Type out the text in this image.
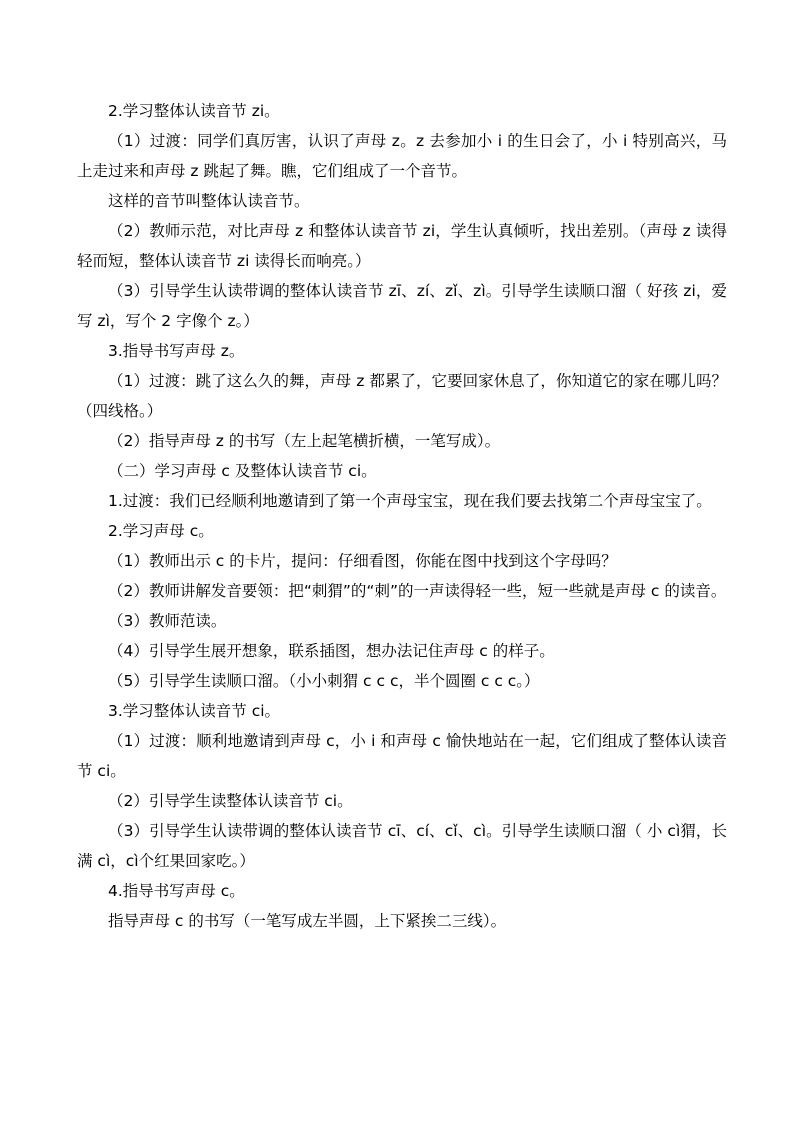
2.学习整体认读音节 zi。

（1）过渡：同学们真厉害，认识了声母 z。z 去参加小 i 的生日会了，小 i 特别高兴，马上走过来和声母 z 跳起了舞。瞧，它们组成了一个音节。

这样的音节叫整体认读音节。

（2）教师示范，对比声母 z 和整体认读音节 zi，学生认真倾听，找出差别。（声母 z 读得轻而短，整体认读音节 zi 读得长而响亮。）

（3）引导学生认读带调的整体认读音节 zī、zí、zǐ、zì。引导学生读顺口溜（ 好孩 zi，爱写 zì，写个 2 字像个 z。）

3.指导书写声母 z。

（1）过渡：跳了这么久的舞，声母 z 都累了，它要回家休息了，你知道它的家在哪儿吗？（四线格。）

（2）指导声母 z 的书写（左上起笔横折横，一笔写成）。

（二）学习声母 c 及整体认读音节 ci。

1.过渡：我们已经顺利地邀请到了第一个声母宝宝，现在我们要去找第二个声母宝宝了。

2.学习声母 c。

（1）教师出示 c 的卡片，提问：仔细看图，你能在图中找到这个字母吗？

（2）教师讲解发音要领：把“刺猬”的“刺”的一声读得轻一些，短一些就是声母 c 的读音。

（3）教师范读。

（4）引导学生展开想象，联系插图，想办法记住声母 c 的样子。

（5）引导学生读顺口溜。（小小刺猬 c c c，半个圆圈 c c c。）

3.学习整体认读音节 ci。

（1）过渡：顺利地邀请到声母 c，小 i 和声母 c 愉快地站在一起，它们组成了整体认读音节 ci。

（2）引导学生读整体认读音节 ci。

（3）引导学生认读带调的整体认读音节 cī、cí、cǐ、cì。引导学生读顺口溜（ 小 cì猬，长满 cì，cì个红果回家吃。）

4.指导书写声母 c。

指导声母 c 的书写（一笔写成左半圆，上下紧挨二三线）。
